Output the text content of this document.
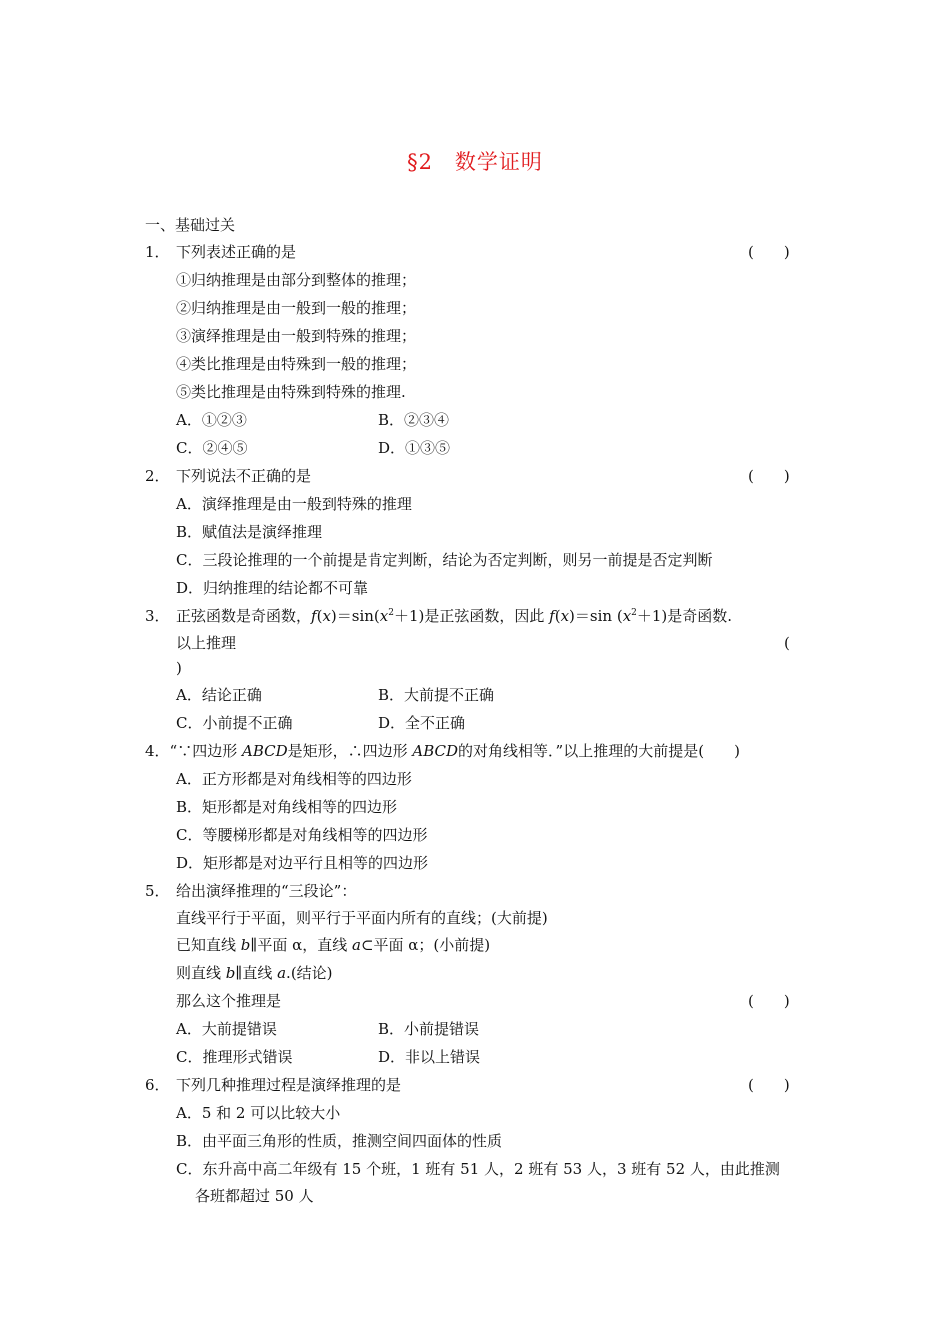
§2　数学证明
一、基础过关
1． 下列表述正确的是	(　　)
①归纳推理是由部分到整体的推理；
②归纳推理是由一般到一般的推理；
③演绎推理是由一般到特殊的推理；
④类比推理是由特殊到一般的推理；
⑤类比推理是由特殊到特殊的推理.
A．①②③	B．②③④
C．②④⑤	D．①③⑤
2． 下列说法不正确的是	(　　)
A．演绎推理是由一般到特殊的推理
B．赋值法是演绎推理
C．三段论推理的一个前提是肯定判断，结论为否定判断，则另一前提是否定判断
D．归纳推理的结论都不可靠
3． 正弦函数是奇函数，$f(x)=\sin(x^2+1)$是正弦函数，因此 f(x)＝sin $(x^2+1)$是奇函数.
以上推理	(
)
A．结论正确	B．大前提不正确
C．小前提不正确	D．全不正确
4．“∵四边形 ABCD是矩形，∴四边形 ABCD的对角线相等．”以上推理的大前提是(　　)
A．正方形都是对角线相等的四边形
B．矩形都是对角线相等的四边形
C．等腰梯形都是对角线相等的四边形
D．矩形都是对边平行且相等的四边形
5． 给出演绎推理的“三段论”：
直线平行于平面，则平行于平面内所有的直线；(大前提)
已知直线 b∥平面 α，直线 a⊂平面 α；(小前提)
则直线 b∥直线 a.(结论)
那么这个推理是	(　　)
A．大前提错误	B．小前提错误
C．推理形式错误	D．非以上错误
6． 下列几种推理过程是演绎推理的是	(　　)
A．5 和 2 可以比较大小
B．由平面三角形的性质，推测空间四面体的性质
C．东升高中高二年级有 15 个班，1 班有 51 人，2 班有 53 人，3 班有 52 人，由此推测
各班都超过 50 人
